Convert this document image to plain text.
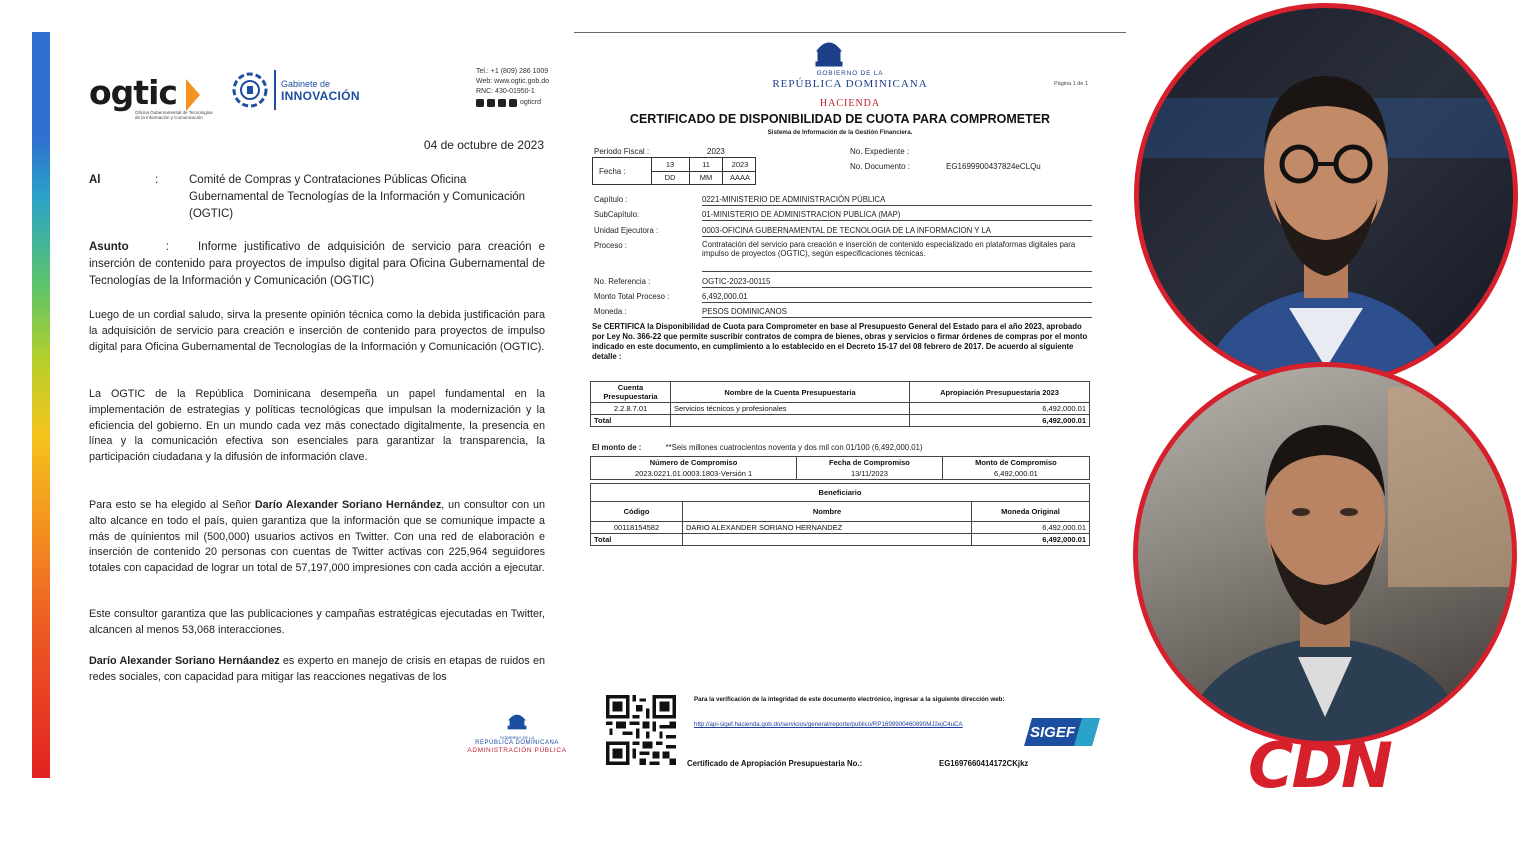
ogtic
Oficina Gubernamental de Tecnologías de la Información y Comunicación
Gabinete de
INNOVACIÓN
Tel.: +1 (809) 286 1009
Web: www.ogtic.gob.do
RNC: 430-01950-1
ogticrd
04 de octubre de 2023
Al	:	Comité de Compras y Contrataciones Públicas Oficina Gubernamental de Tecnologías de la Información y Comunicación (OGTIC)
Asunto	:	Informe justificativo de adquisición de servicio para creación e inserción de contenido para proyectos de impulso digital para Oficina Gubernamental de Tecnologías de la Información y Comunicación (OGTIC)
Luego de un cordial saludo, sirva la presente opinión técnica como la debida justificación para la adquisición de servicio para creación e inserción de contenido para proyectos de impulso digital para Oficina Gubernamental de Tecnologías de la Información y Comunicación (OGTIC).
La OGTIC de la República Dominicana desempeña un papel fundamental en la implementación de estrategias y políticas tecnológicas que impulsan la modernización y la eficiencia del gobierno. En un mundo cada vez más conectado digitalmente, la presencia en línea y la comunicación efectiva son esenciales para garantizar la transparencia, la participación ciudadana y la difusión de información clave.
Para esto se ha elegido al Señor Darío Alexander Soriano Hernández, un consultor con un alto alcance en todo el país, quien garantiza que la información que se comunique impacte a más de quinientos mil (500,000) usuarios activos en Twitter. Con una red de elaboración e inserción de contenido 20 personas con cuentas de Twitter activas con 225,964 seguidores totales con capacidad de lograr un total de 57,197,000 impresiones con cada acción a ejecutar.
Este consultor garantiza que las publicaciones y campañas estratégicas ejecutadas en Twitter, alcancen al menos 53,068 interacciones.
Darío Alexander Soriano Hernáandez es experto en manejo de crisis en etapas de ruidos en redes sociales, con capacidad para mitigar las reacciones negativas de los
GOBIERNO DE LA
REPÚBLICA DOMINICANA
ADMINISTRACIÓN PÚBLICA
GOBIERNO DE LA
REPÚBLICA DOMINICANA
HACIENDA
Página 1 de 1
CERTIFICADO DE DISPONIBILIDAD DE CUOTA PARA COMPROMETER
Sistema de Información de la Gestión Financiera.
Periodo Fiscal :	2023
Fecha :
13	11	2023
DD	MM	AAAA
No. Expediente :
No. Documento :	EG1699900437824eCLQu
Capítulo :	0221-MINISTERIO DE ADMINISTRACIÓN PÚBLICA
SubCapítulo:	01-MINISTERIO DE ADMINISTRACION PUBLICA (MAP)
Unidad Ejecutora :	0003-OFICINA GUBERNAMENTAL DE TECNOLOGIA DE LA INFORMACION Y LA
Proceso :	Contratación del servicio para creación e inserción de contenido especializado en plataformas digitales para impulso de proyectos (OGTIC), según especificaciones técnicas.
No. Referencia :	OGTIC-2023-00115
Monto Total Proceso :	6,492,000.01
Moneda :	PESOS DOMINICANOS
Se CERTIFICA la Disponibilidad de Cuota para Comprometer en base al Presupuesto General del Estado para el año 2023, aprobado por Ley No. 366-22 que permite suscribir contratos de compra de bienes, obras y servicios o firmar órdenes de compras por el monto indicado en este documento, en cumplimiento a lo establecido en el Decreto 15-17 del 08 febrero de 2017. De acuerdo al siguiente detalle :
Cuenta Presupuestaria	Nombre de la Cuenta Presupuestaria	Apropiación Presupuestaria 2023
2.2.8.7.01	Servicios técnicos y profesionales	6,492,000.01
Total		6,492,000.01
El monto de :	**Seis millones cuatrocientos noventa y dos mil con 01/100 (6,492,000.01)
Número de Compromiso	Fecha de Compromiso	Monto de Compromiso
2023.0221.01.0003.1803-Versión 1	13/11/2023	6,492,000.01
Beneficiario		
Código	Nombre	Moneda Original
00118154582	DARIO ALEXANDER SORIANO HERNANDEZ	6,492,000.01
Total		6,492,000.01
Para la verificación de la integridad de este documento electrónico, ingresar a la siguiente dirección web:
http://api-sigef.hacienda.gob.do/servicios/general/reporte/publico/RP1699900460890MJ2ejC4uCA	SIGEF
Certificado de Apropiación Presupuestaria No.:	EG1697660414172CKjkz	CDN
